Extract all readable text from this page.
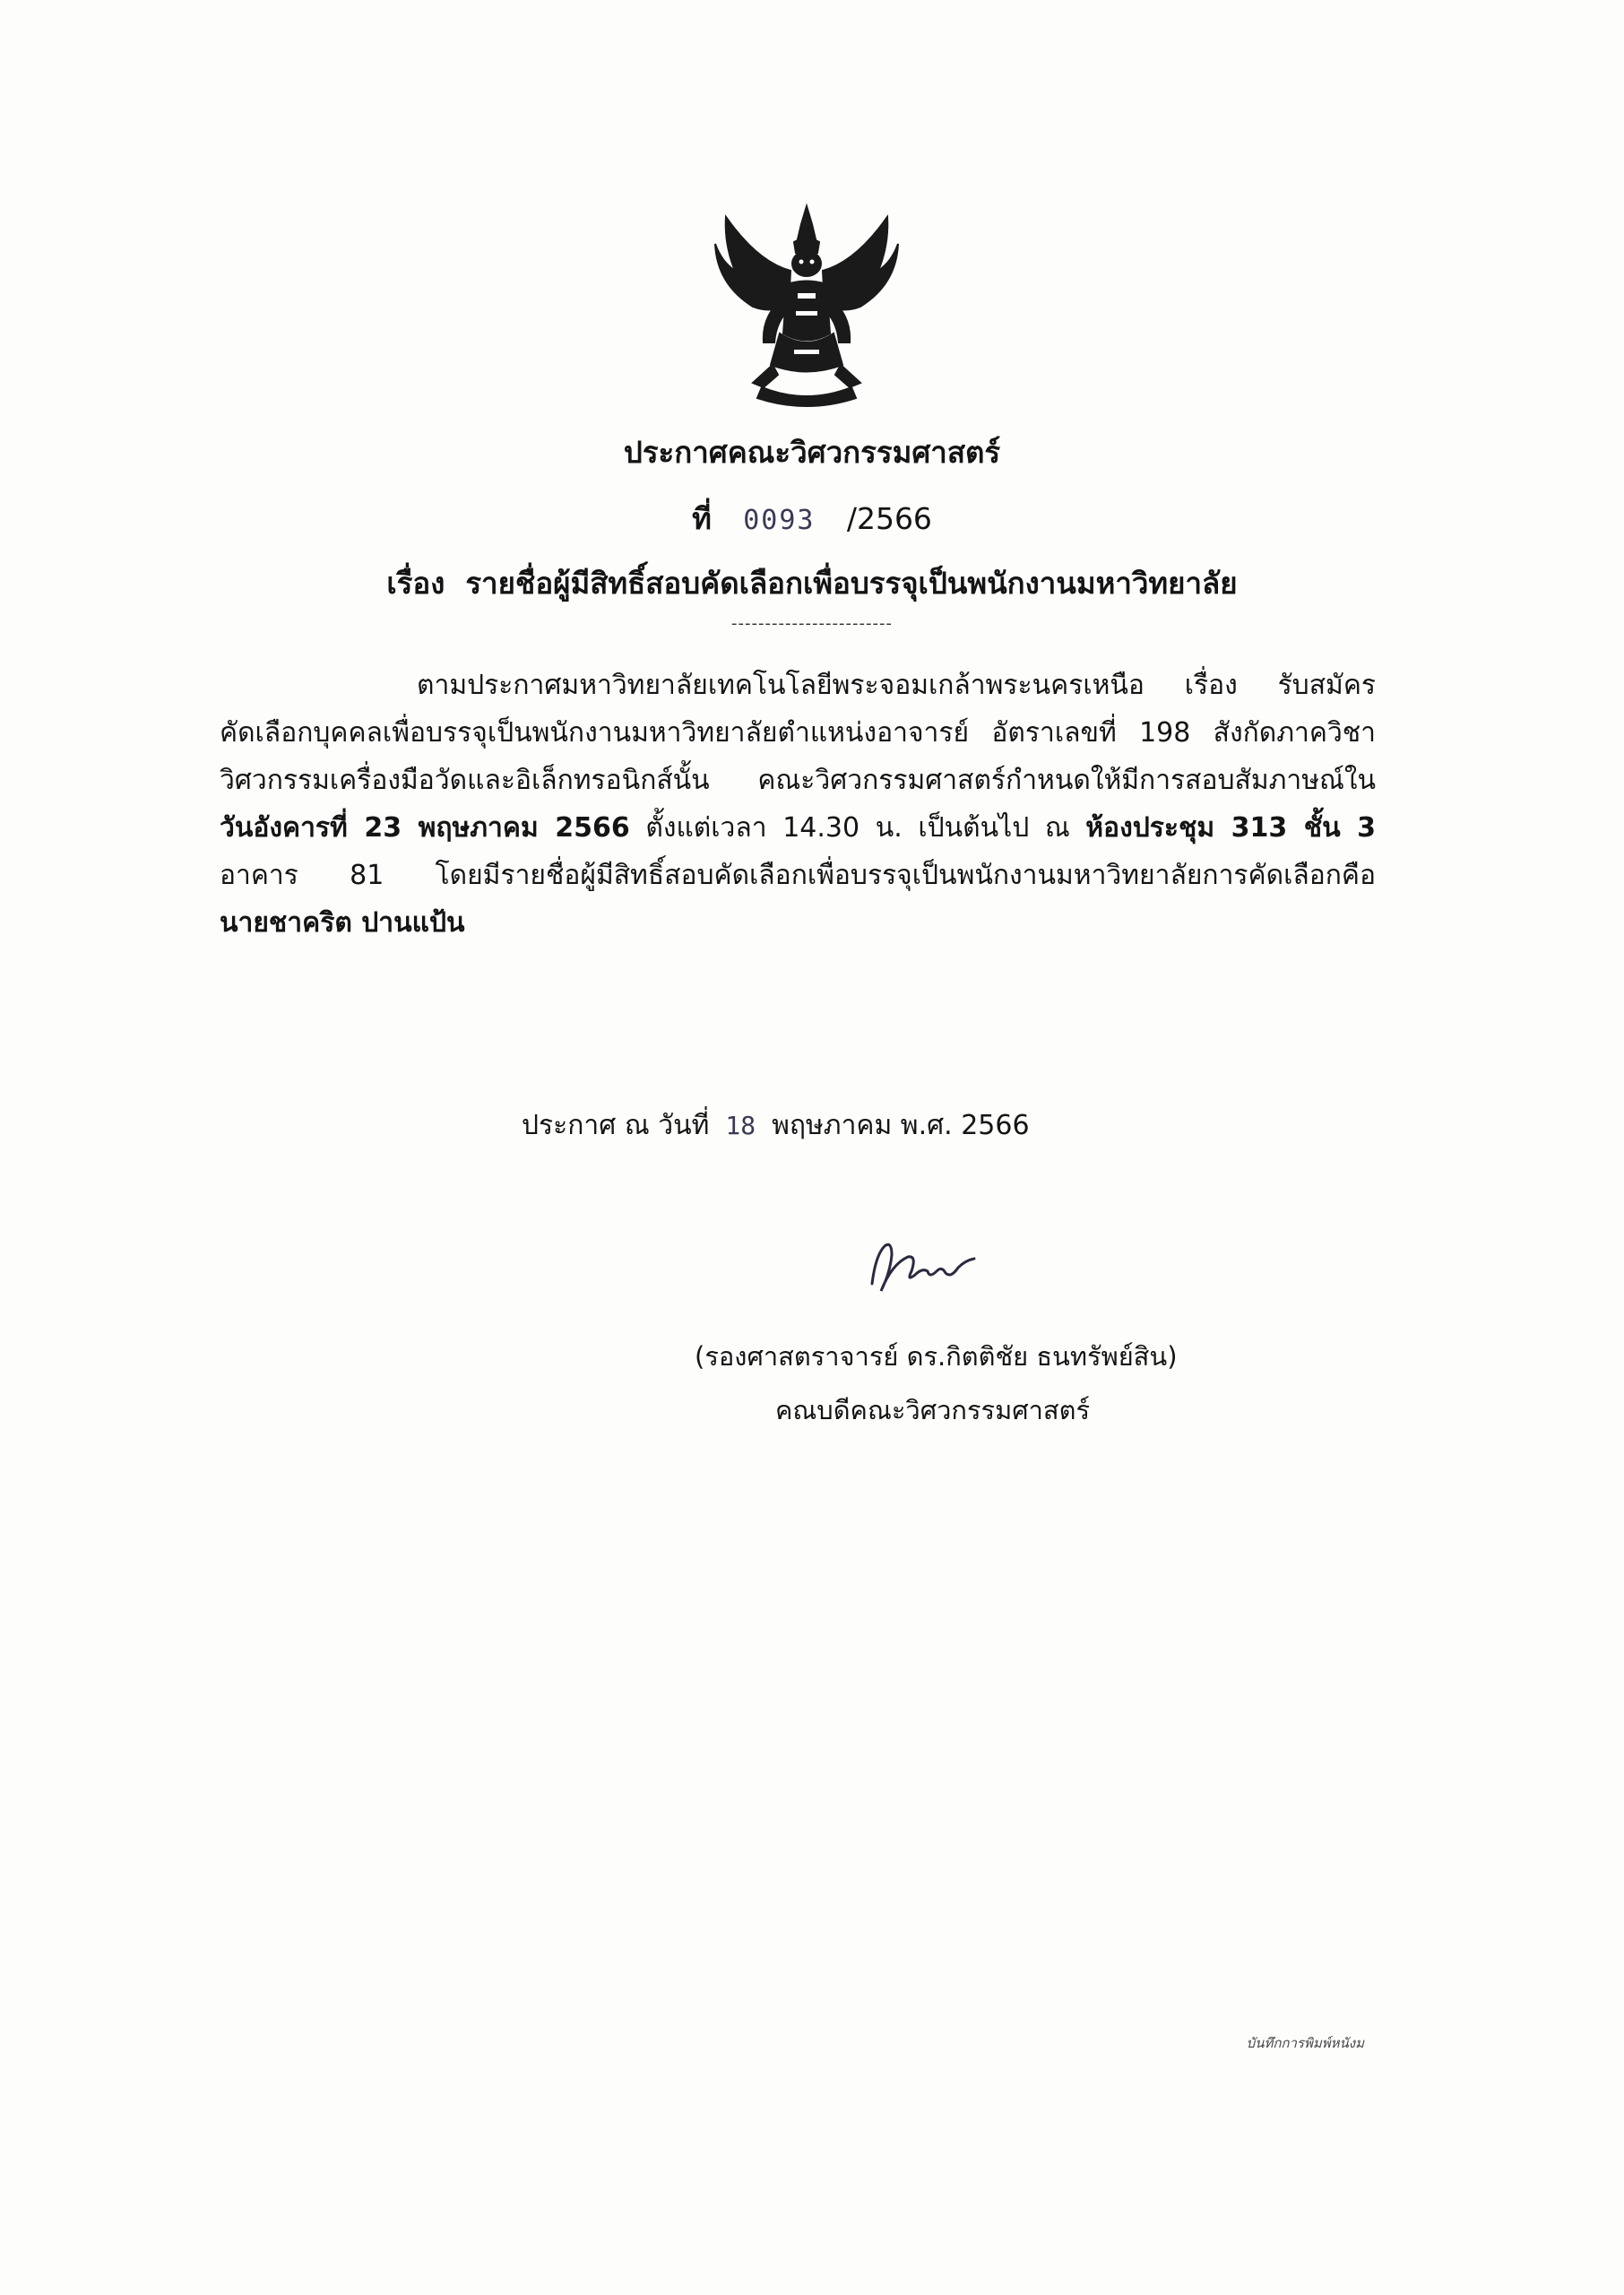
ประกาศคณะวิศวกรรมศาสตร์
ที่ 0093 /2566
เรื่อง รายชื่อผู้มีสิทธิ์สอบคัดเลือกเพื่อบรรจุเป็นพนักงานมหาวิทยาลัย
------------------------
ตามประกาศมหาวิทยาลัยเทคโนโลยีพระจอมเกล้าพระนครเหนือ เรื่อง รับสมัคร
คัดเลือกบุคคลเพื่อบรรจุเป็นพนักงานมหาวิทยาลัยตำแหน่งอาจารย์ อัตราเลขที่ 198 สังกัดภาควิชา
วิศวกรรมเครื่องมือวัดและอิเล็กทรอนิกส์นั้น คณะวิศวกรรมศาสตร์กำหนดให้มีการสอบสัมภาษณ์ใน
วันอังคารที่ 23 พฤษภาคม 2566 ตั้งแต่เวลา 14.30 น. เป็นต้นไป ณ ห้องประชุม 313 ชั้น 3
อาคาร 81 โดยมีรายชื่อผู้มีสิทธิ์สอบคัดเลือกเพื่อบรรจุเป็นพนักงานมหาวิทยาลัยการคัดเลือกคือ
นายชาคริต ปานแป้น
ประกาศ ณ วันที่ 18 พฤษภาคม พ.ศ. 2566
(รองศาสตราจารย์ ดร.กิตติชัย ธนทรัพย์สิน)
คณบดีคณะวิศวกรรมศาสตร์
บันทึกการพิมพ์หนังม
